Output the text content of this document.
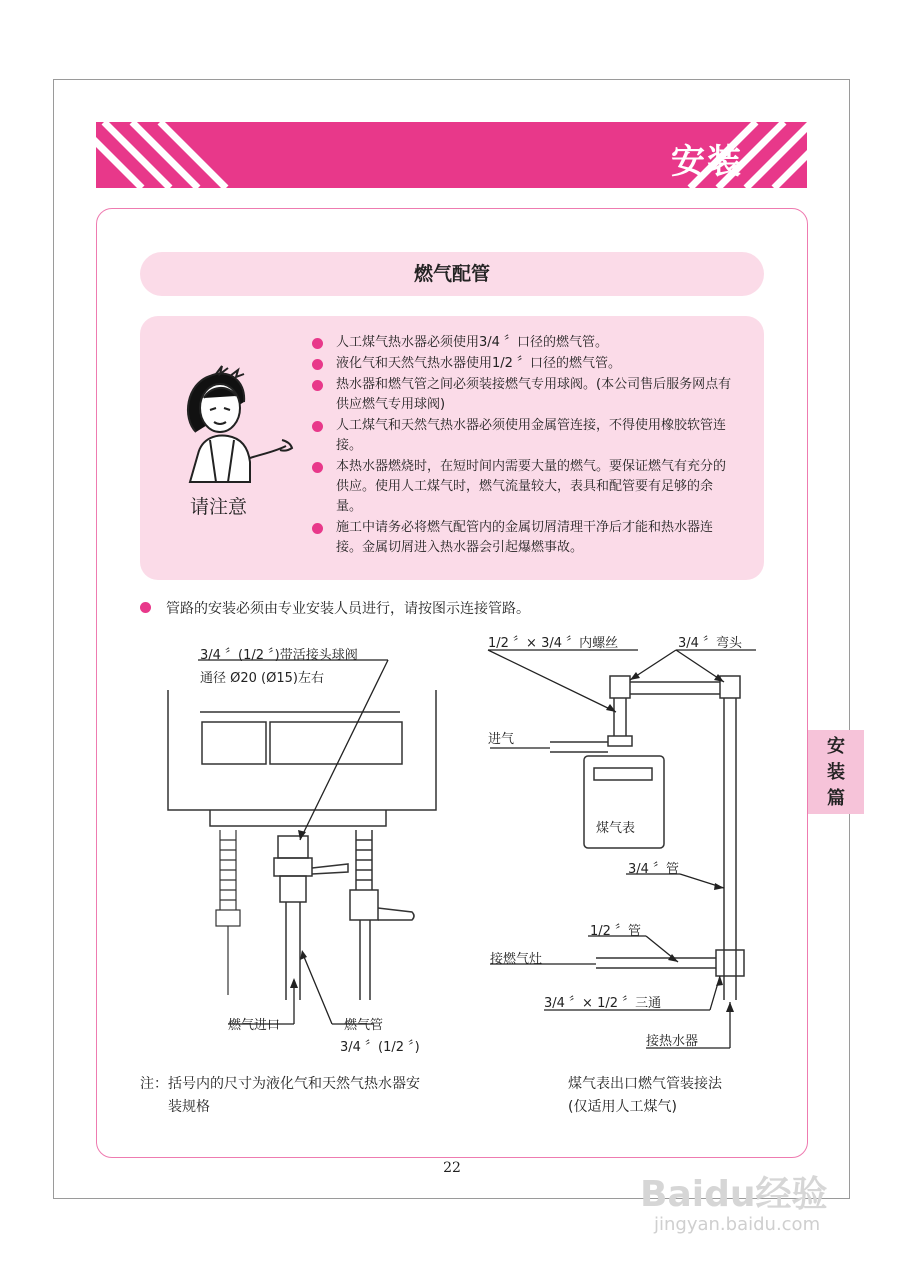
安装
燃气配管
请注意
人工煤气热水器必须使用3/4 〞口径的燃气管。
液化气和天然气热水器使用1/2 〞口径的燃气管。
热水器和燃气管之间必须装接燃气专用球阀。(本公司售后服务网点有供应燃气专用球阀)
人工煤气和天然气热水器必须使用金属管连接，不得使用橡胶软管连接。
本热水器燃烧时，在短时间内需要大量的燃气。要保证燃气有充分的供应。使用人工煤气时，燃气流量较大，表具和配管要有足够的余量。
施工中请务必将燃气配管内的金属切屑清理干净后才能和热水器连接。金属切屑进入热水器会引起爆燃事故。
管路的安装必须由专业安装人员进行，请按图示连接管路。
3/4 〞(1/2 〞)带活接头球阀
通径 Ø20 (Ø15)左右
燃气进口	燃气管
3/4 〞(1/2 〞)
1/2 〞× 3/4 〞内螺丝	3/4 〞弯头
进气
煤气表
3/4 〞管
1/2 〞管
接燃气灶
3/4 〞× 1/2 〞三通
接热水器
注：括号内的尺寸为液化气和天然气热水器安
装规格
煤气表出口燃气管装接法
(仅适用人工煤气)
安
装
篇
22
Baidu经验
jingyan.baidu.com
